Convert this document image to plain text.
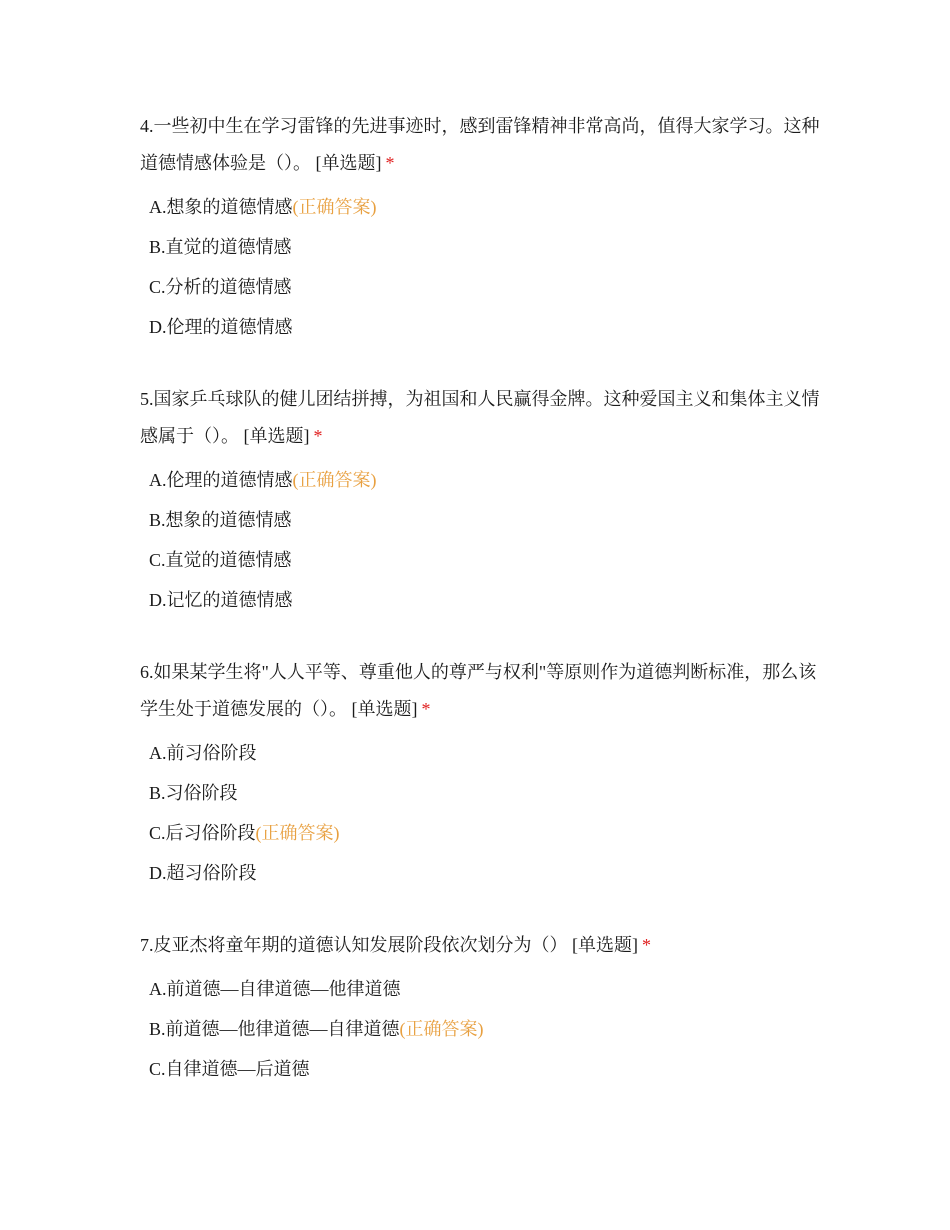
4.一些初中生在学习雷锋的先进事迹时，感到雷锋精神非常高尚，值得大家学习。这种道德情感体验是（）。 [单选题] *
A.想象的道德情感(正确答案)
B.直觉的道德情感
C.分析的道德情感
D.伦理的道德情感
5.国家乒乓球队的健儿团结拼搏，为祖国和人民赢得金牌。这种爱国主义和集体主义情感属于（）。 [单选题] *
A.伦理的道德情感(正确答案)
B.想象的道德情感
C.直觉的道德情感
D.记忆的道德情感
6.如果某学生将"人人平等、尊重他人的尊严与权利"等原则作为道德判断标准，那么该学生处于道德发展的（）。 [单选题] *
A.前习俗阶段
B.习俗阶段
C.后习俗阶段(正确答案)
D.超习俗阶段
7.皮亚杰将童年期的道德认知发展阶段依次划分为（） [单选题] *
A.前道德—自律道德—他律道德
B.前道德—他律道德—自律道德(正确答案)
C.自律道德—后道德
